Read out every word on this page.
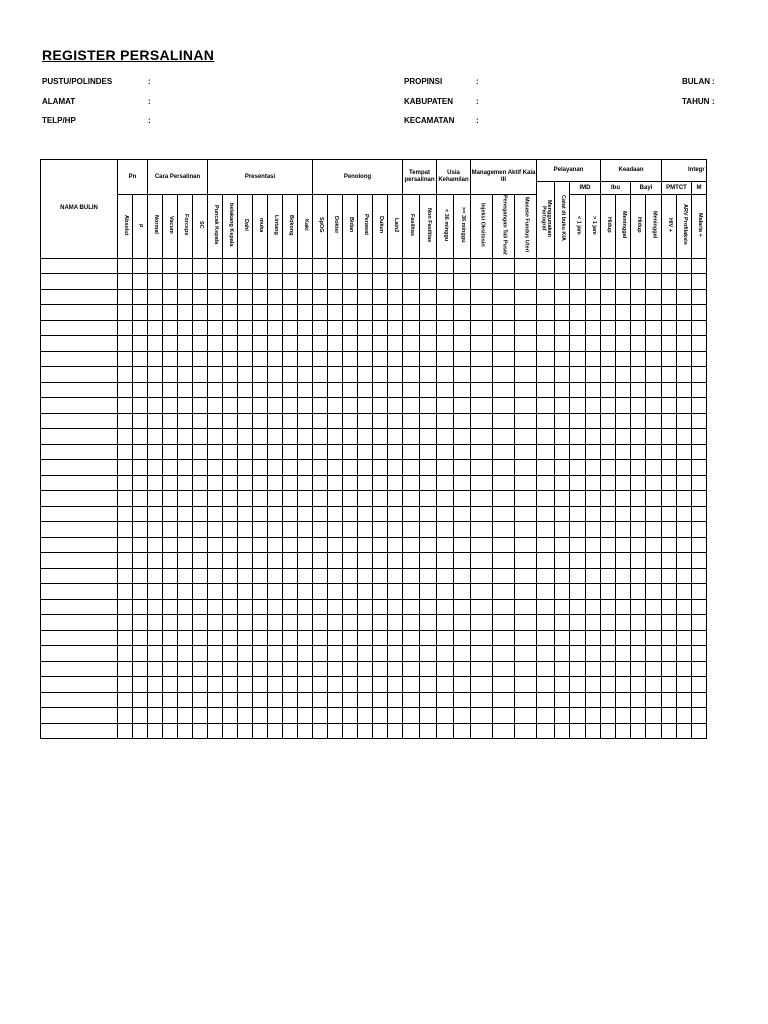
REGISTER PERSALINAN
PUSTU/POLINDES	:
ALAMAT	:
TELP/HP	:
PROPINSI	:
KABUPATEN	:
KECAMATAN	:
BULAN :
TAHUN :
NAMA BULIN	Pn		Cara Persalinan				Presentasi							Penolong						Tempat persalinan		Usia Kehamilan		Managemen Aktif Kala III			Pelayanan				Keadaan				Integr		
																											Menggunakan Partograf	Catat di buku KIA	IMD		Ibu		Bayi		PMTCT		M
	Absolut	p	Normal	Vacum	Forceps	SC	Puncak Kepala	belakang Kepala	Dahi	muka	Lintang	Bokong	Kaki	SpOG	Dokter	Bidan	Perawat	Dukun	Lain2	Fasilitas	Non Fasilitas	< 36 minggu	>= 36 minggu	Injeksi Oksitosin	Penegangan Tali Pusat	Masase Fundus Uteri			< 1 jam	> 1 jam	Hidup	Meninggal	Hidup	Meninggal	HIV +	ARV Profilaksis	Malaria +
